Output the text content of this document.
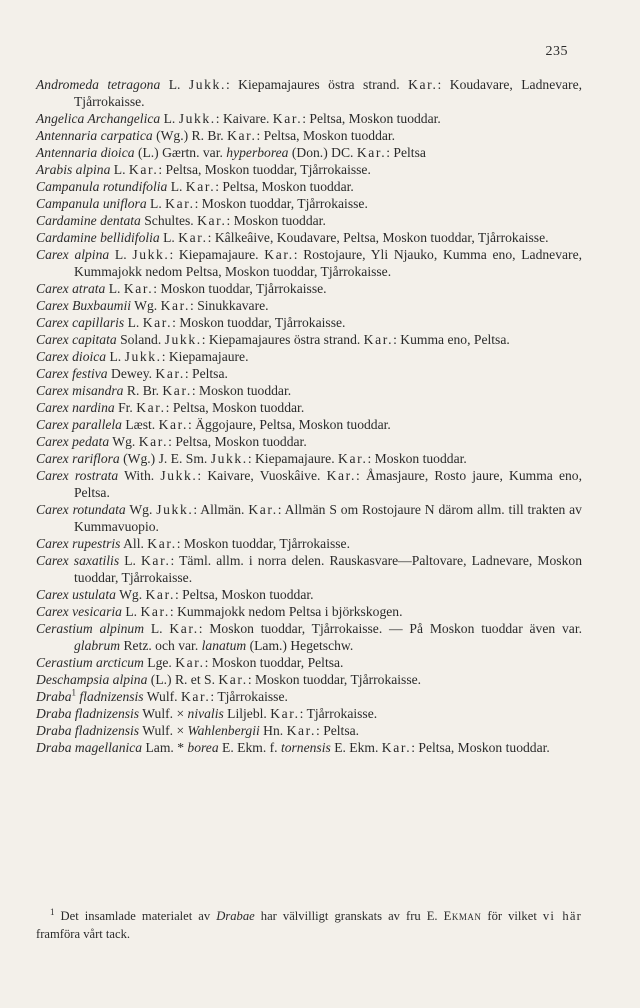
235

Andromeda tetragona L. Jukk.: Kiepamajaures östra strand. Kar.: Koudavare, Ladnevare, Tjårrokaisse.

Angelica Archangelica L. Jukk.: Kaivare. Kar.: Peltsa, Moskon tuoddar.

Antennaria carpatica (Wg.) R. Br. Kar.: Peltsa, Moskon tuoddar.

Antennaria dioica (L.) Gærtn. var. hyperborea (Don.) DC. Kar.: Peltsa

Arabis alpina L. Kar.: Peltsa, Moskon tuoddar, Tjårrokaisse.

Campanula rotundifolia L. Kar.: Peltsa, Moskon tuoddar.

Campanula uniflora L. Kar.: Moskon tuoddar, Tjårrokaisse.

Cardamine dentata Schultes. Kar.: Moskon tuoddar.

Cardamine bellidifolia L. Kar.: Kâlkeâive, Koudavare, Peltsa, Moskon tuoddar, Tjårrokaisse.

Carex alpina L. Jukk.: Kiepamajaure. Kar.: Rostojaure, Yli Njauko, Kumma eno, Ladnevare, Kummajokk nedom Peltsa, Moskon tuoddar, Tjårrokaisse.

Carex atrata L. Kar.: Moskon tuoddar, Tjårrokaisse.

Carex Buxbaumii Wg. Kar.: Sinukkavare.

Carex capillaris L. Kar.: Moskon tuoddar, Tjårrokaisse.

Carex capitata Soland. Jukk.: Kiepamajaures östra strand. Kar.: Kumma eno, Peltsa.

Carex dioica L. Jukk.: Kiepamajaure.

Carex festiva Dewey. Kar.: Peltsa.

Carex misandra R. Br. Kar.: Moskon tuoddar.

Carex nardina Fr. Kar.: Peltsa, Moskon tuoddar.

Carex parallela Læst. Kar.: Äggojaure, Peltsa, Moskon tuoddar.

Carex pedata Wg. Kar.: Peltsa, Moskon tuoddar.

Carex rariflora (Wg.) J. E. Sm. Jukk.: Kiepamajaure. Kar.: Moskon tuoddar.

Carex rostrata With. Jukk.: Kaivare, Vuoskâive. Kar.: Åmasjaure, Rosto jaure, Kumma eno, Peltsa.

Carex rotundata Wg. Jukk.: Allmän. Kar.: Allmän S om Rostojaure N därom allm. till trakten av Kummavuopio.

Carex rupestris All. Kar.: Moskon tuoddar, Tjårrokaisse.

Carex saxatilis L. Kar.: Täml. allm. i norra delen. Rauskasvare—Paltovare, Ladnevare, Moskon tuoddar, Tjårrokaisse.

Carex ustulata Wg. Kar.: Peltsa, Moskon tuoddar.

Carex vesicaria L. Kar.: Kummajokk nedom Peltsa i björkskogen.

Cerastium alpinum L. Kar.: Moskon tuoddar, Tjårrokaisse. — På Moskon tuoddar även var. glabrum Retz. och var. lanatum (Lam.) Hegetschw.

Cerastium arcticum Lge. Kar.: Moskon tuoddar, Peltsa.

Deschampsia alpina (L.) R. et S. Kar.: Moskon tuoddar, Tjårrokaisse.

Draba$^1$ fladnizensis Wulf. Kar.: Tjårrokaisse.

Draba fladnizensis Wulf. × nivalis Liljebl. Kar.: Tjårrokaisse.

Draba fladnizensis Wulf. × Wahlenbergii Hn. Kar.: Peltsa.

Draba magellanica Lam. * borea E. Ekm. f. tornensis E. Ekm. Kar.: Peltsa, Moskon tuoddar.

$^1$ Det insamlade materialet av Drabae har välvilligt granskats av fru E. Ekman för vilket vi här framföra vårt tack.
